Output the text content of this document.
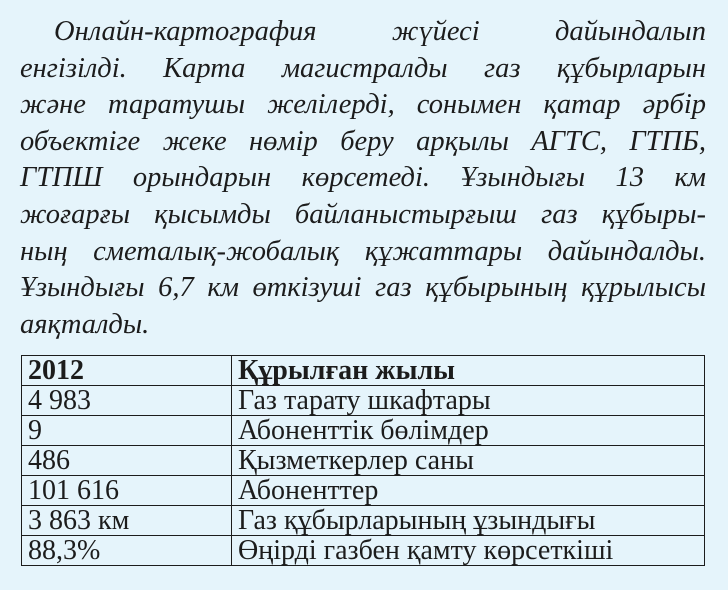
Онлайн-картография жүйесі дайындалып
енгізілді. Карта магистралды газ құбырларын
және таратушы желілерді, сонымен қатар әрбір
объектіге жеке нөмір беру арқылы АГТС, ГТПБ,
ГТПШ орындарын көрсетеді. Ұзындығы 13 км
жоғарғы қысымды байланыстырғыш газ құбыры-
ның сметалық-жобалық құжаттары дайындалды.
Ұзындығы 6,7 км өткізуші газ құбырының құрылысы
аяқталды.

2012	Құрылған жылы
4 983	Газ тарату шкафтары
9	Абоненттік бөлімдер
486	Қызметкерлер саны
101 616	Абоненттер
3 863 км	Газ құбырларының ұзындығы
88,3%	Өңірді газбен қамту көрсеткіші
